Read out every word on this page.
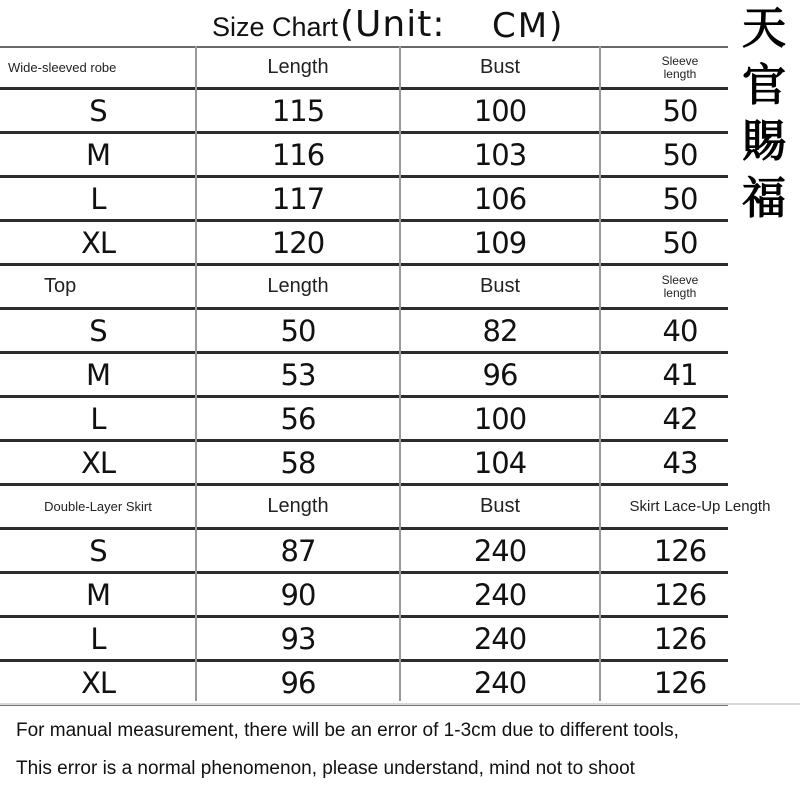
Size Chart (Unit: CM)	天
官
賜
福
Wide-sleeved robe	Length	Bust	Sleeve length
S	115	100	50
M	116	103	50
L	117	106	50
XL	120	109	50
Top	Length	Bust	Sleeve length
S	50	82	40
M	53	96	41
L	56	100	42
XL	58	104	43
Double-Layer Skirt	Length	Bust	Skirt Lace-Up Length
S	87	240	126
M	90	240	126
L	93	240	126
XL	96	240	126
For manual measurement, there will be an error of 1-3cm due to different tools,
This error is a normal phenomenon, please understand, mind not to shoot
